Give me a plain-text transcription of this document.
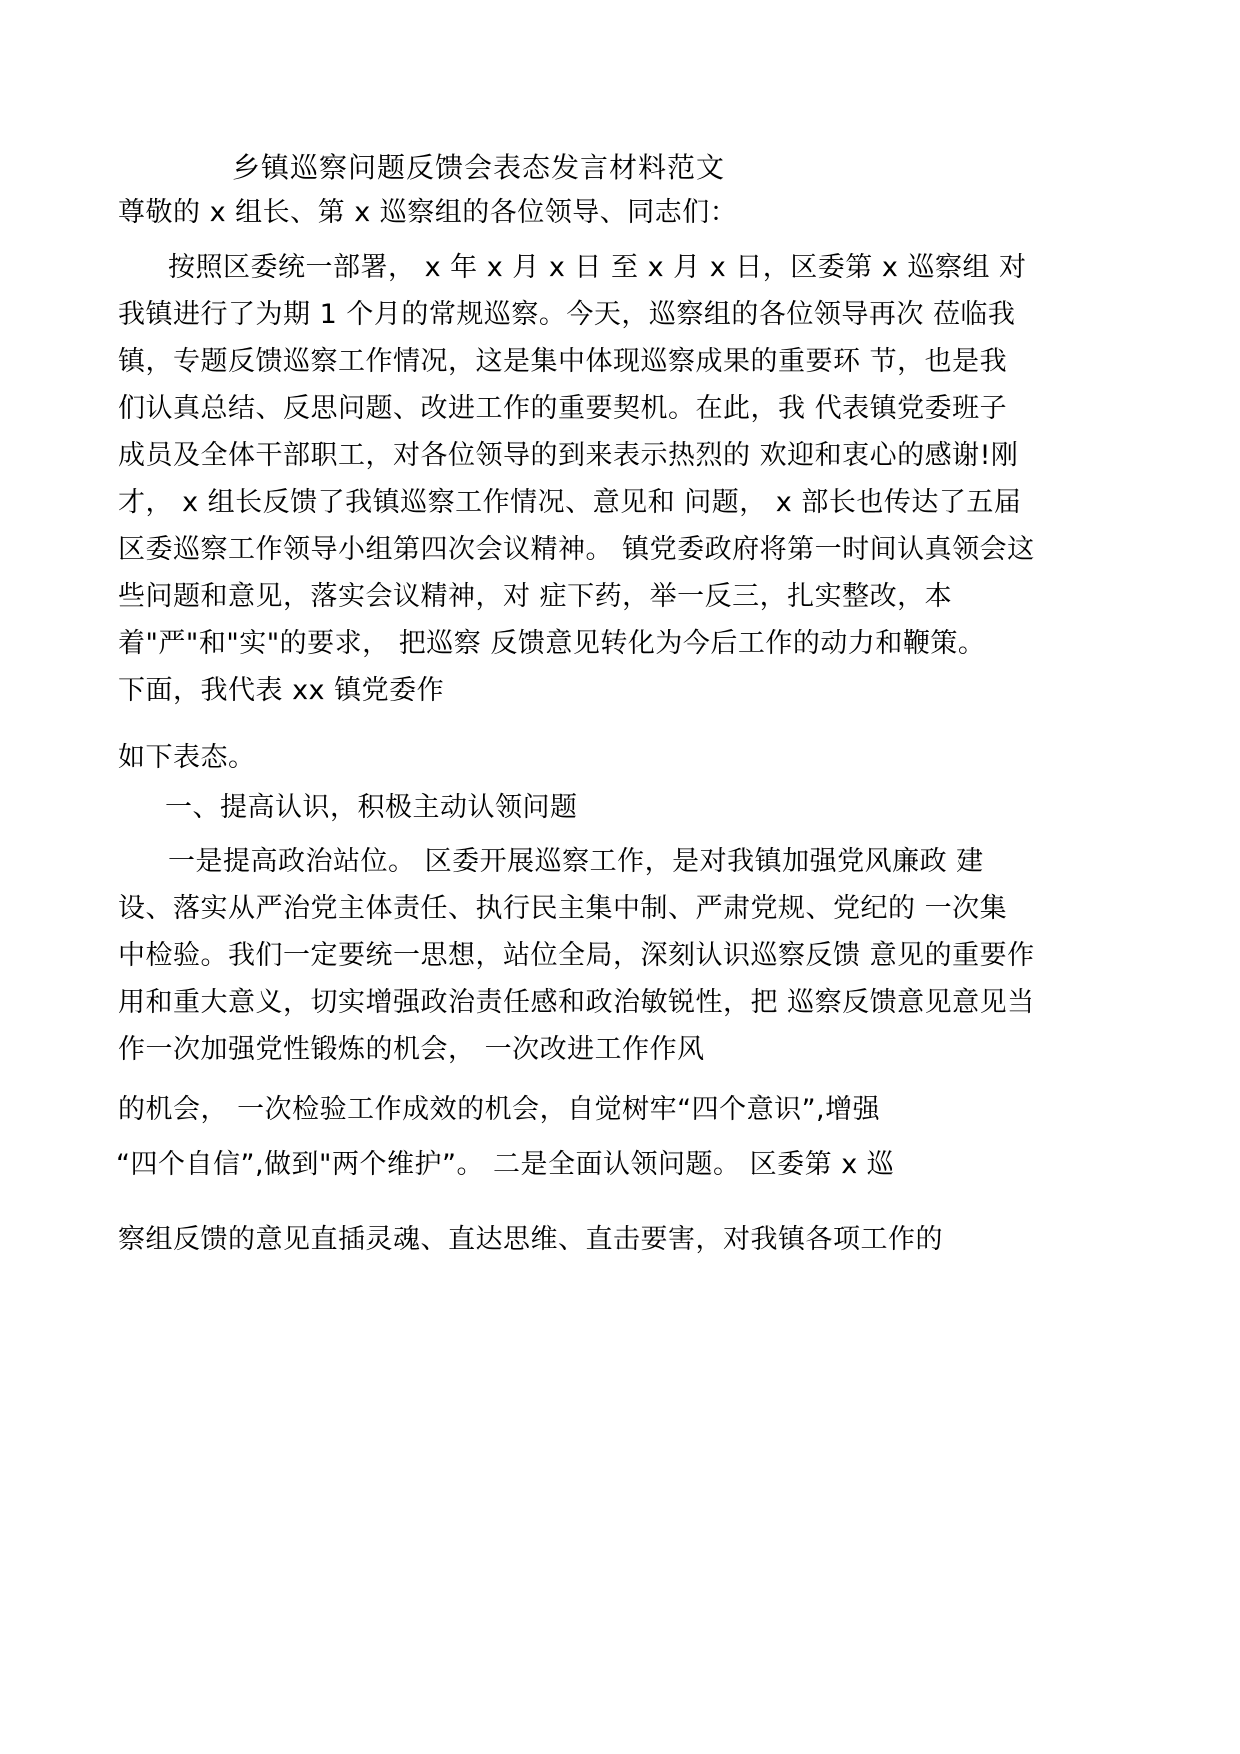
乡镇巡察问题反馈会表态发言材料范文
尊敬的 x 组长、第 x 巡察组的各位领导、同志们：
按照区委统一部署， x 年 x 月 x 日 至 x 月 x 日，区委第 x 巡察组 对
我镇进行了为期 1 个月的常规巡察。今天，巡察组的各位领导再次 莅临我
镇，专题反馈巡察工作情况，这是集中体现巡察成果的重要环 节，也是我
们认真总结、反思问题、改进工作的重要契机。在此，我 代表镇党委班子
成员及全体干部职工，对各位领导的到来表示热烈的 欢迎和衷心的感谢!刚
才， x 组长反馈了我镇巡察工作情况、意见和 问题， x 部长也传达了五届
区委巡察工作领导小组第四次会议精神。 镇党委政府将第一时间认真领会这
些问题和意见，落实会议精神，对 症下药，举一反三，扎实整改，本
着"严"和"实"的要求， 把巡察 反馈意见转化为今后工作的动力和鞭策。
下面，我代表 xx 镇党委作
如下表态。
一、提高认识，积极主动认领问题
一是提高政治站位。 区委开展巡察工作，是对我镇加强党风廉政 建
设、落实从严治党主体责任、执行民主集中制、严肃党规、党纪的 一次集
中检验。我们一定要统一思想，站位全局，深刻认识巡察反馈 意见的重要作
用和重大意义，切实增强政治责任感和政治敏锐性，把 巡察反馈意见意见当
作一次加强党性锻炼的机会， 一次改进工作作风
的机会， 一次检验工作成效的机会，自觉树牢“四个意识”,增强
“四个自信”,做到"两个维护”。 二是全面认领问题。 区委第 x 巡
察组反馈的意见直插灵魂、直达思维、直击要害，对我镇各项工作的
